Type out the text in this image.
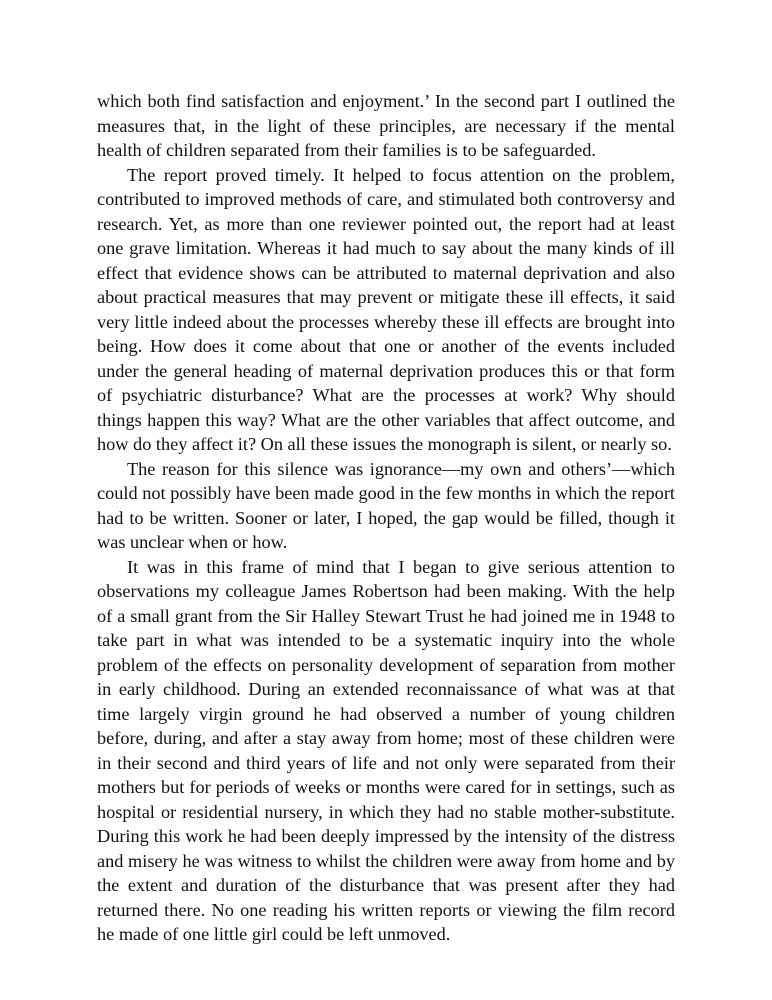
which both find satisfaction and enjoyment.’ In the second part I outlined the measures that, in the light of these principles, are necessary if the mental health of children separated from their families is to be safeguarded.

The report proved timely. It helped to focus attention on the problem, contributed to improved methods of care, and stimulated both controversy and research. Yet, as more than one reviewer pointed out, the report had at least one grave limitation. Whereas it had much to say about the many kinds of ill effect that evidence shows can be attributed to maternal deprivation and also about practical measures that may prevent or mitigate these ill effects, it said very little indeed about the processes whereby these ill effects are brought into being. How does it come about that one or another of the events included under the general heading of maternal deprivation produces this or that form of psychiatric disturbance? What are the processes at work? Why should things happen this way? What are the other variables that affect outcome, and how do they affect it? On all these issues the monograph is silent, or nearly so.

The reason for this silence was ignorance—my own and others’—which could not possibly have been made good in the few months in which the report had to be written. Sooner or later, I hoped, the gap would be filled, though it was unclear when or how.

It was in this frame of mind that I began to give serious attention to observations my colleague James Robertson had been making. With the help of a small grant from the Sir Halley Stewart Trust he had joined me in 1948 to take part in what was intended to be a systematic inquiry into the whole problem of the effects on personality development of separation from mother in early childhood. During an extended reconnaissance of what was at that time largely virgin ground he had observed a number of young children before, during, and after a stay away from home; most of these children were in their second and third years of life and not only were separated from their mothers but for periods of weeks or months were cared for in settings, such as hospital or residential nursery, in which they had no stable mother-substitute. During this work he had been deeply impressed by the intensity of the distress and misery he was witness to whilst the children were away from home and by the extent and duration of the disturbance that was present after they had returned there. No one reading his written reports or viewing the film record he made of one little girl could be left unmoved.
